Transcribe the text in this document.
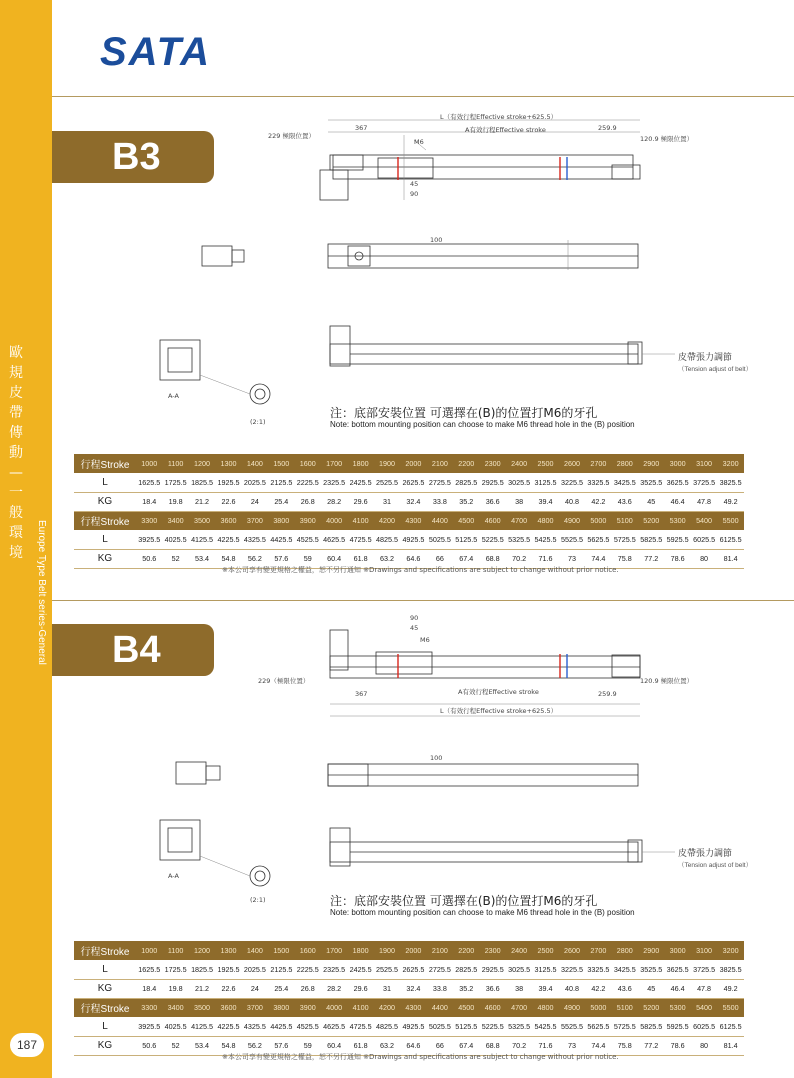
歐規皮帶傳動 — 一般環境	Europe Type Belt series-General
187
SATA
B3
B4
L（有效行程Effective stroke+625.5）
A有效行程Effective stroke
229 極限位置）	120.9 極限位置）
367	259.9
45
90
M6
100
A-A
(2:1)
皮帶張力調節
（Tension adjust of belt）
注：底部安裝位置 可選擇在(B)的位置打M6的牙孔
Note: bottom mounting position can choose to make M6 thread hole in the (B) position
行程Stroke	1000	1100	1200	1300	1400	1500	1600	1700	1800	1900	2000	2100	2200	2300	2400	2500	2600	2700	2800	2900	3000	3100	3200
L	1625.5	1725.5	1825.5	1925.5	2025.5	2125.5	2225.5	2325.5	2425.5	2525.5	2625.5	2725.5	2825.5	2925.5	3025.5	3125.5	3225.5	3325.5	3425.5	3525.5	3625.5	3725.5	3825.5
KG	18.4	19.8	21.2	22.6	24	25.4	26.8	28.2	29.6	31	32.4	33.8	35.2	36.6	38	39.4	40.8	42.2	43.6	45	46.4	47.8	49.2
行程Stroke	3300	3400	3500	3600	3700	3800	3900	4000	4100	4200	4300	4400	4500	4600	4700	4800	4900	5000	5100	5200	5300	5400	5500
L	3925.5	4025.5	4125.5	4225.5	4325.5	4425.5	4525.5	4625.5	4725.5	4825.5	4925.5	5025.5	5125.5	5225.5	5325.5	5425.5	5525.5	5625.5	5725.5	5825.5	5925.5	6025.5	6125.5
KG	50.6	52	53.4	54.8	56.2	57.6	59	60.4	61.8	63.2	64.6	66	67.4	68.8	70.2	71.6	73	74.4	75.8	77.2	78.6	80	81.4
※本公司享有變更規格之權益，恕不另行通知 ※Drawings and specifications are subject to change without prior notice.
90
45
M6
229（極限位置）	120.9 極限位置）
367	259.9
A有效行程Effective stroke
L（有效行程Effective stroke+625.5）
100
A-A
(2:1)
皮帶張力調節
（Tension adjust of belt）
注：底部安裝位置 可選擇在(B)的位置打M6的牙孔
Note: bottom mounting position can choose to make M6 thread hole in the (B) position
行程Stroke	1000	1100	1200	1300	1400	1500	1600	1700	1800	1900	2000	2100	2200	2300	2400	2500	2600	2700	2800	2900	3000	3100	3200
L	1625.5	1725.5	1825.5	1925.5	2025.5	2125.5	2225.5	2325.5	2425.5	2525.5	2625.5	2725.5	2825.5	2925.5	3025.5	3125.5	3225.5	3325.5	3425.5	3525.5	3625.5	3725.5	3825.5
KG	18.4	19.8	21.2	22.6	24	25.4	26.8	28.2	29.6	31	32.4	33.8	35.2	36.6	38	39.4	40.8	42.2	43.6	45	46.4	47.8	49.2
行程Stroke	3300	3400	3500	3600	3700	3800	3900	4000	4100	4200	4300	4400	4500	4600	4700	4800	4900	5000	5100	5200	5300	5400	5500
L	3925.5	4025.5	4125.5	4225.5	4325.5	4425.5	4525.5	4625.5	4725.5	4825.5	4925.5	5025.5	5125.5	5225.5	5325.5	5425.5	5525.5	5625.5	5725.5	5825.5	5925.5	6025.5	6125.5
KG	50.6	52	53.4	54.8	56.2	57.6	59	60.4	61.8	63.2	64.6	66	67.4	68.8	70.2	71.6	73	74.4	75.8	77.2	78.6	80	81.4
※本公司享有變更規格之權益，恕不另行通知 ※Drawings and specifications are subject to change without prior notice.
